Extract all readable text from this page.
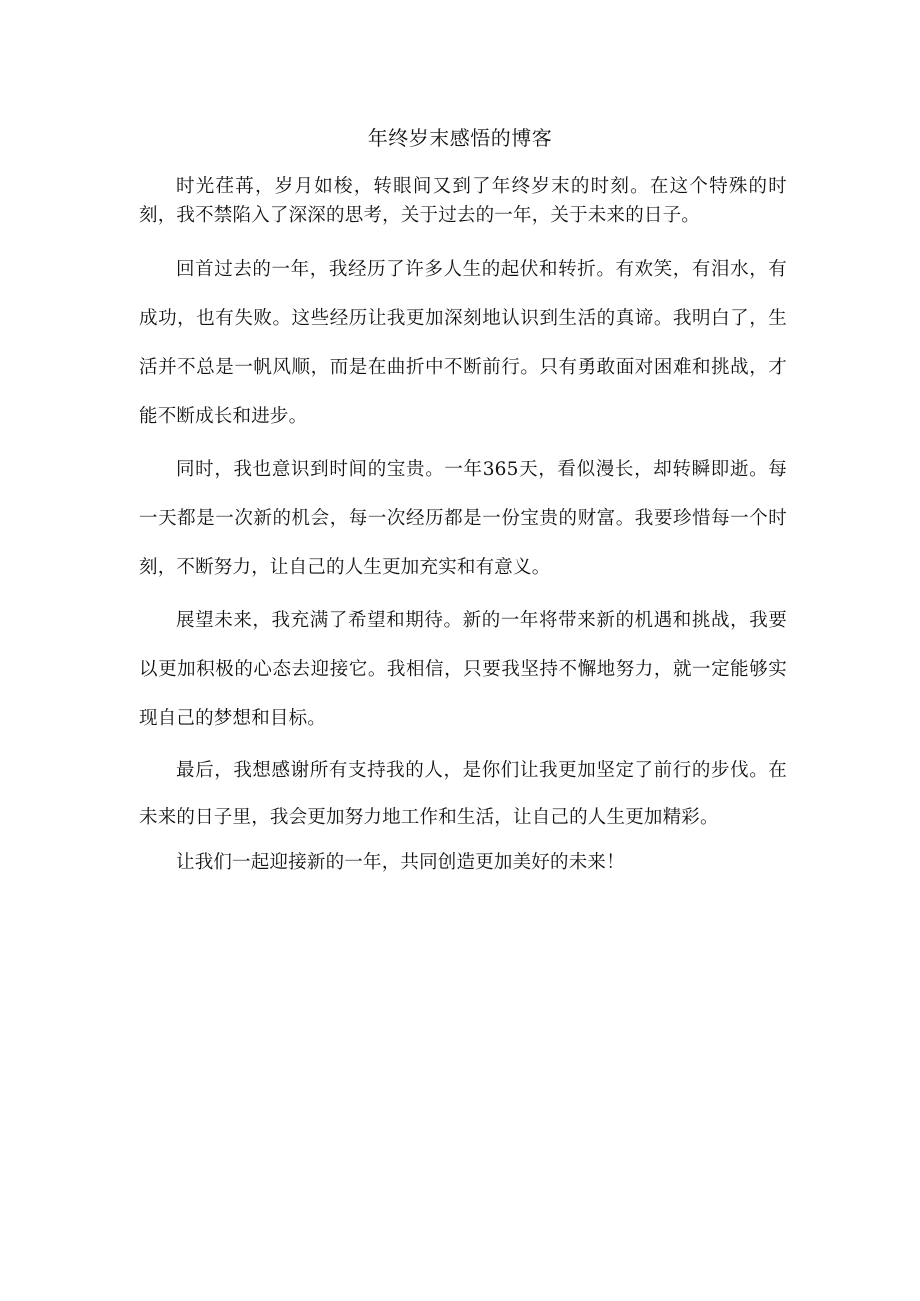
年终岁末感悟的博客

时光荏苒，岁月如梭，转眼间又到了年终岁末的时刻。在这个特殊的时刻，我不禁陷入了深深的思考，关于过去的一年，关于未来的日子。

回首过去的一年，我经历了许多人生的起伏和转折。有欢笑，有泪水，有成功，也有失败。这些经历让我更加深刻地认识到生活的真谛。我明白了，生活并不总是一帆风顺，而是在曲折中不断前行。只有勇敢面对困难和挑战，才能不断成长和进步。

同时，我也意识到时间的宝贵。一年365天，看似漫长，却转瞬即逝。每一天都是一次新的机会，每一次经历都是一份宝贵的财富。我要珍惜每一个时刻，不断努力，让自己的人生更加充实和有意义。

展望未来，我充满了希望和期待。新的一年将带来新的机遇和挑战，我要以更加积极的心态去迎接它。我相信，只要我坚持不懈地努力，就一定能够实现自己的梦想和目标。

最后，我想感谢所有支持我的人，是你们让我更加坚定了前行的步伐。在未来的日子里，我会更加努力地工作和生活，让自己的人生更加精彩。

让我们一起迎接新的一年，共同创造更加美好的未来！
